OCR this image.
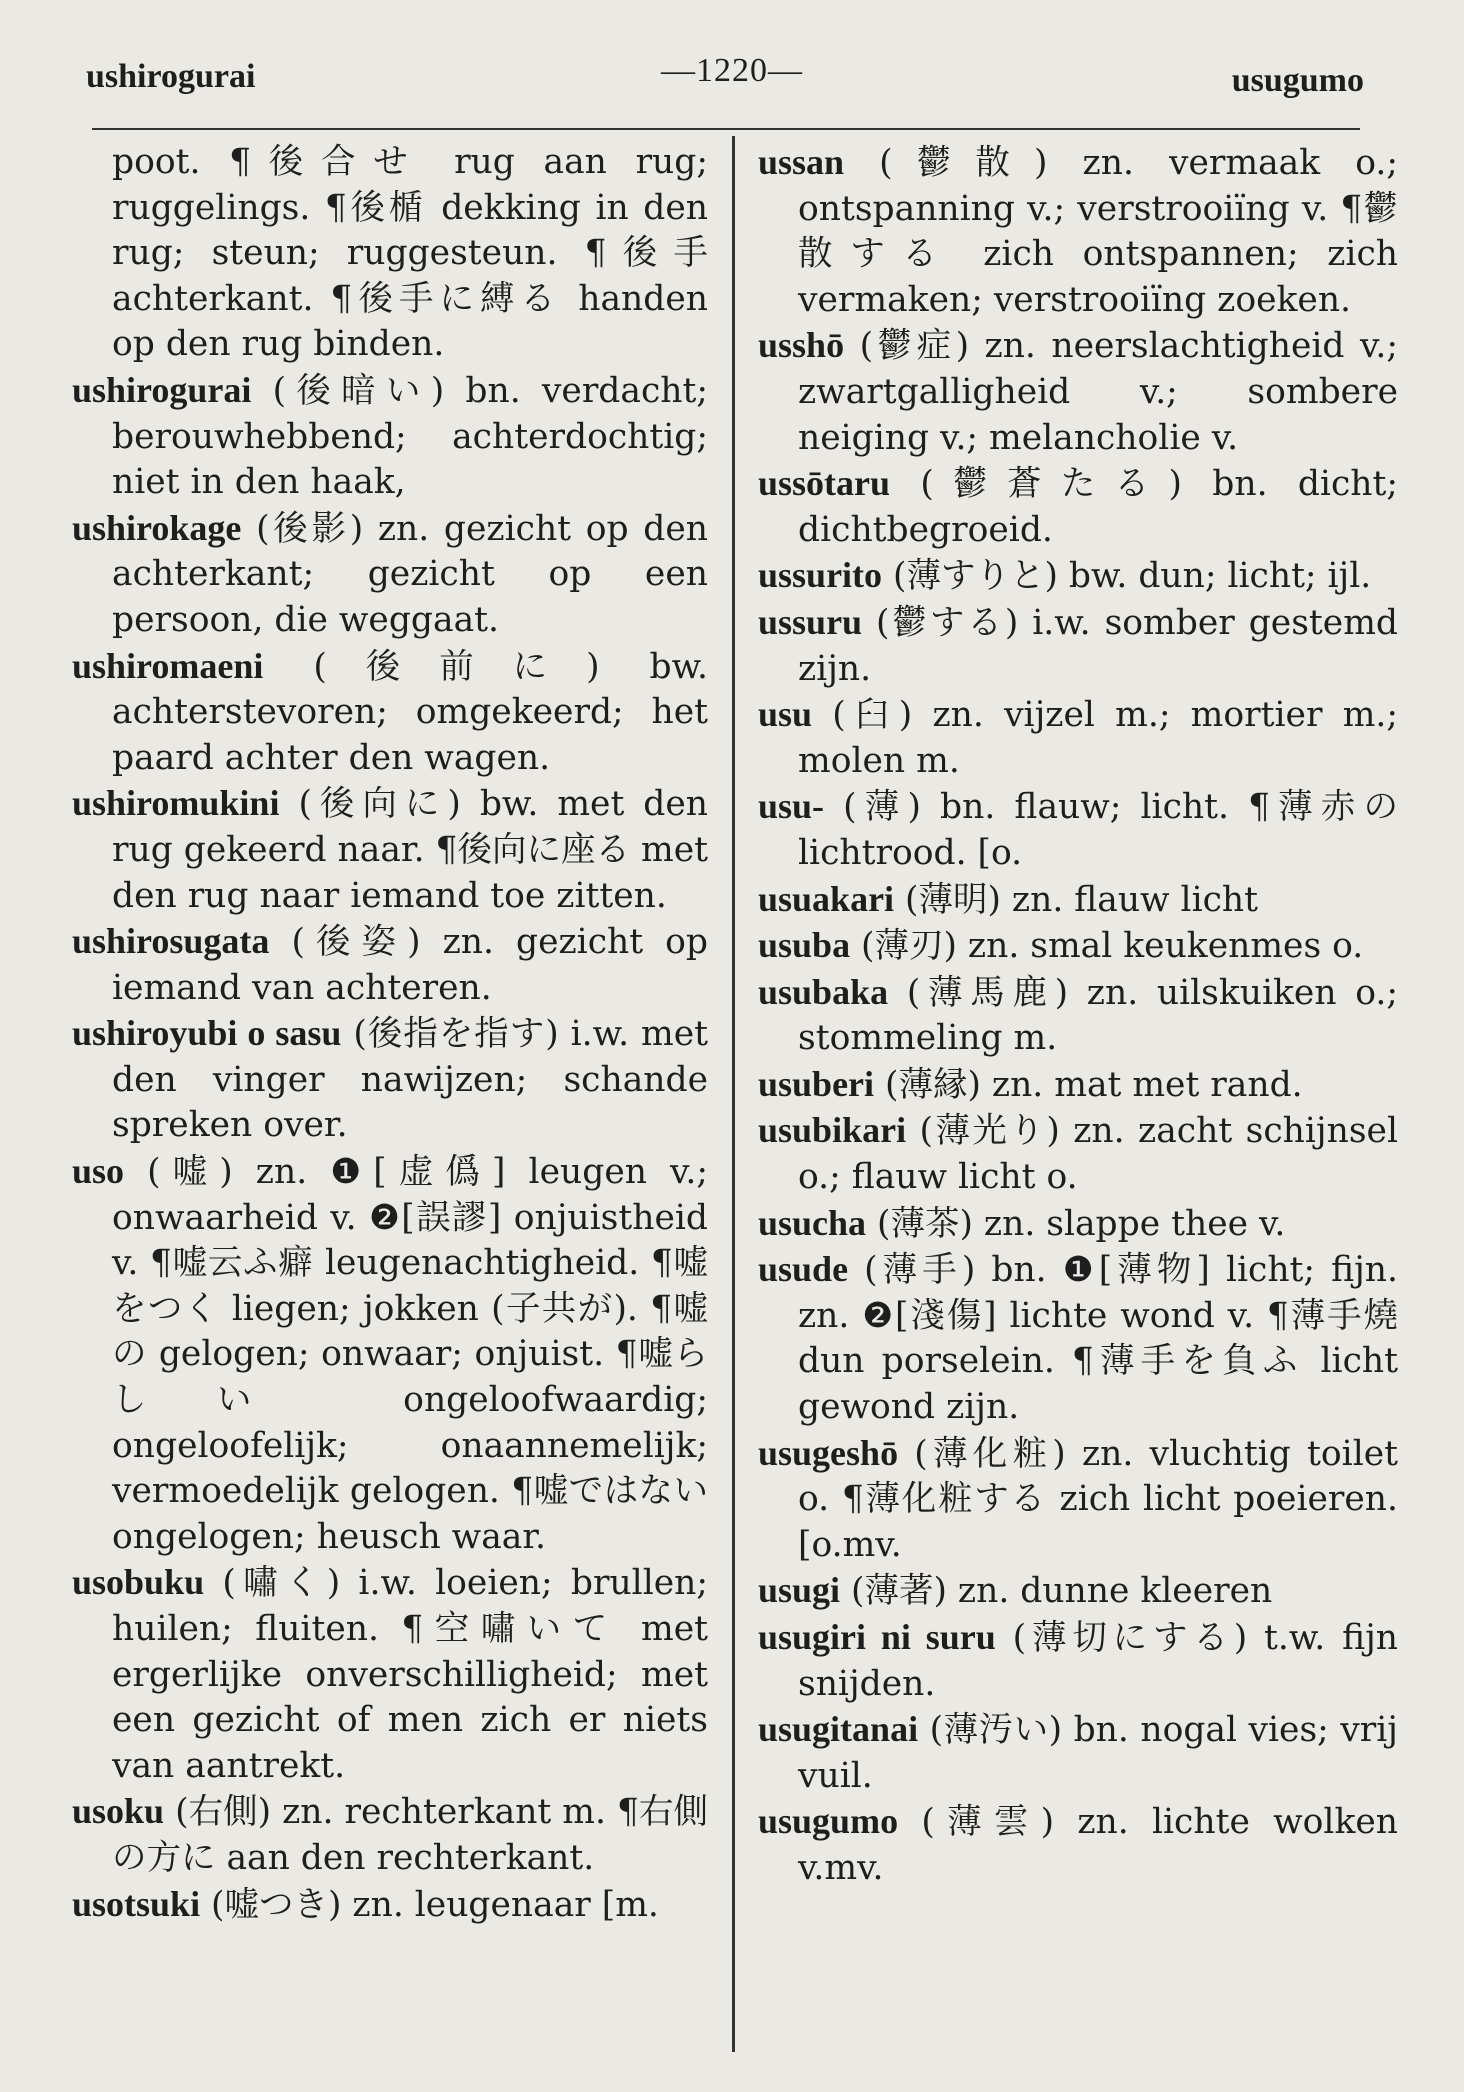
ushirogurai	—1220—	usugumo
poot. ¶後合せ rug aan rug; ruggelings. ¶後楯 dekking in den rug; steun; ruggesteun. ¶後手 achterkant. ¶後手に縛る handen op den rug binden.
ushirogurai (後暗い) bn. verdacht; berouwhebbend; achterdochtig; niet in den haak,
ushirokage (後影) zn. gezicht op den achterkant; gezicht op een persoon, die weggaat.
ushiromaeni (後前に) bw. achterstevoren; omgekeerd; het paard achter den wagen.
ushiromukini (後向に) bw. met den rug gekeerd naar. ¶後向に座る met den rug naar iemand toe zitten.
ushirosugata (後姿) zn. gezicht op iemand van achteren.
ushiroyubi o sasu (後指を指す) i.w. met den vinger nawijzen; schande spreken over.
uso (嘘) zn. ❶[虚僞] leugen v.; onwaarheid v. ❷[誤謬] onjuistheid v. ¶嘘云ふ癖 leugenachtigheid. ¶嘘をつく liegen; jokken (子共が). ¶嘘の gelogen; onwaar; onjuist. ¶嘘らしい ongeloofwaardig; ongeloofelijk; onaannemelijk; vermoedelijk gelogen. ¶嘘ではない ongelogen; heusch waar.
usobuku (嘯く) i.w. loeien; brullen; huilen; fluiten. ¶空嘯いて met ergerlijke onverschilligheid; met een gezicht of men zich er niets van aantrekt.
usoku (右側) zn. rechterkant m. ¶右側の方に aan den rechterkant.
usotsuki (嘘つき) zn. leugenaar [m.
ussan (鬱散) zn. vermaak o.; ontspanning v.; verstrooiïng v. ¶鬱散する zich ontspannen; zich vermaken; verstrooiïng zoeken.
usshō (鬱症) zn. neerslachtigheid v.; zwartgalligheid v.; sombere neiging v.; melancholie v.
ussōtaru (鬱蒼たる) bn. dicht; dichtbegroeid.
ussurito (薄すりと) bw. dun; licht; ijl.
ussuru (鬱する) i.w. somber gestemd zijn.
usu (臼) zn. vijzel m.; mortier m.; molen m.
usu- (薄) bn. flauw; licht. ¶薄赤の lichtrood. [o.
usuakari (薄明) zn. flauw licht
usuba (薄刃) zn. smal keukenmes o.
usubaka (薄馬鹿) zn. uilskuiken o.; stommeling m.
usuberi (薄縁) zn. mat met rand.
usubikari (薄光り) zn. zacht schijnsel o.; flauw licht o.
usucha (薄茶) zn. slappe thee v.
usude (薄手) bn. ❶[薄物] licht; fijn. zn. ❷[淺傷] lichte wond v. ¶薄手燒 dun porselein. ¶薄手を負ふ licht gewond zijn.
usugeshō (薄化粧) zn. vluchtig toilet o. ¶薄化粧する zich licht poeieren. [o.mv.
usugi (薄著) zn. dunne kleeren
usugiri ni suru (薄切にする) t.w. fijn snijden.
usugitanai (薄汚い) bn. nogal vies; vrij vuil.
usugumo (薄雲) zn. lichte wolken v.mv.
